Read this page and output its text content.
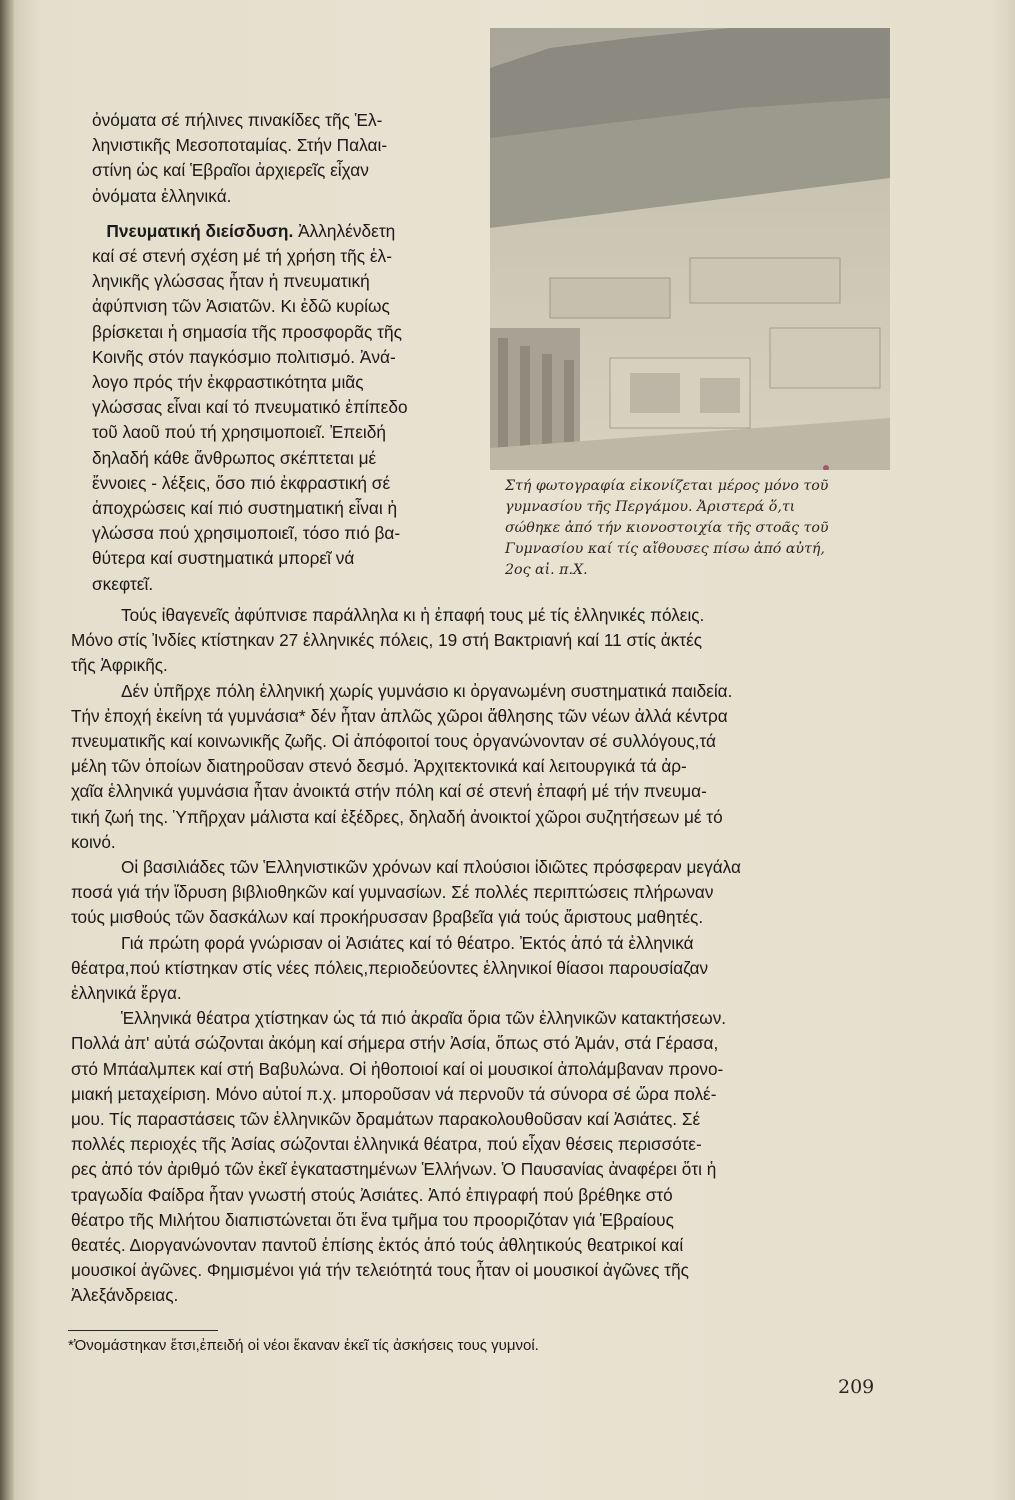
Στή φωτογραφία εἰκονίζεται μέρος μόνο τοῦ
γυμνασίου τῆς Περγάμου. Ἀριστερά ὅ,τι
σώθηκε ἀπό τήν κιονοστοιχία τῆς στοᾶς τοῦ
Γυμνασίου καί τίς αἴθουσες πίσω ἀπό αὐτή,
2ος αἰ. π.Χ.
ὀνόματα σέ πήλινες πινακίδες τῆς Ἑλ-
ληνιστικῆς Μεσοποταμίας. Στήν Παλαι-
στίνη ὡς καί Ἑβραῖοι ἀρχιερεῖς εἶχαν
ὀνόματα ἑλληνικά.
Πνευματική διείσδυση. Ἀλληλένδετη
καί σέ στενή σχέση μέ τή χρήση τῆς ἑλ-
ληνικῆς γλώσσας ἦταν ἡ πνευματική
ἀφύπνιση τῶν Ἀσιατῶν. Κι ἐδῶ κυρίως
βρίσκεται ἡ σημασία τῆς προσφορᾶς τῆς
Κοινῆς στόν παγκόσμιο πολιτισμό. Ἀνά-
λογο πρός τήν ἐκφραστικότητα μιᾶς
γλώσσας εἶναι καί τό πνευματικό ἐπίπεδο
τοῦ λαοῦ πού τή χρησιμοποιεῖ. Ἐπειδή
δηλαδή κάθε ἄνθρωπος σκέπτεται μέ
ἔννοιες - λέξεις, ὅσο πιό ἐκφραστική σέ
ἀποχρώσεις καί πιό συστηματική εἶναι ἡ
γλώσσα πού χρησιμοποιεῖ, τόσο πιό βα-
θύτερα καί συστηματικά μπορεῖ νά
σκεφτεῖ.
Τούς ἰθαγενεῖς ἀφύπνισε παράλληλα κι ἡ ἐπαφή τους μέ τίς ἑλληνικές πόλεις.
Μόνο στίς Ἰνδίες κτίστηκαν 27 ἑλληνικές πόλεις, 19 στή Βακτριανή καί 11 στίς ἀκτές
τῆς Ἀφρικῆς.
Δέν ὑπῆρχε πόλη ἑλληνική χωρίς γυμνάσιο κι ὀργανωμένη συστηματικά παιδεία.
Τήν ἐποχή ἐκείνη τά γυμνάσια* δέν ἦταν ἁπλῶς χῶροι ἄθλησης τῶν νέων ἀλλά κέντρα
πνευματικῆς καί κοινωνικῆς ζωῆς. Οἱ ἀπόφοιτοί τους ὀργανώνονταν σέ συλλόγους,τά
μέλη τῶν ὁποίων διατηροῦσαν στενό δεσμό. Ἀρχιτεκτονικά καί λειτουργικά τά ἀρ-
χαῖα ἑλληνικά γυμνάσια ἦταν ἀνοικτά στήν πόλη καί σέ στενή ἐπαφή μέ τήν πνευμα-
τική ζωή της. Ὑπῆρχαν μάλιστα καί ἐξέδρες, δηλαδή ἀνοικτοί χῶροι συζητήσεων μέ τό
κοινό.
Οἱ βασιλιάδες τῶν Ἑλληνιστικῶν χρόνων καί πλούσιοι ἰδιῶτες πρόσφεραν μεγάλα
ποσά γιά τήν ἵδρυση βιβλιοθηκῶν καί γυμνασίων. Σέ πολλές περιπτώσεις πλήρωναν
τούς μισθούς τῶν δασκάλων καί προκήρυσσαν βραβεῖα γιά τούς ἄριστους μαθητές.
Γιά πρώτη φορά γνώρισαν οἱ Ἀσιάτες καί τό θέατρο. Ἐκτός ἀπό τά ἑλληνικά
θέατρα,πού κτίστηκαν στίς νέες πόλεις,περιοδεύοντες ἑλληνικοί θίασοι παρουσίαζαν
ἑλληνικά ἔργα.
Ἑλληνικά θέατρα χτίστηκαν ὡς τά πιό ἀκραῖα ὅρια τῶν ἑλληνικῶν κατακτήσεων.
Πολλά ἀπ' αὐτά σώζονται ἀκόμη καί σήμερα στήν Ἀσία, ὅπως στό Ἀμάν, στά Γέρασα,
στό Μπάαλμπεκ καί στή Βαβυλώνα. Οἱ ἠθοποιοί καί οἱ μουσικοί ἀπολάμβαναν προνο-
μιακή μεταχείριση. Μόνο αὐτοί π.χ. μποροῦσαν νά περνοῦν τά σύνορα σέ ὥρα πολέ-
μου. Τίς παραστάσεις τῶν ἑλληνικῶν δραμάτων παρακολουθοῦσαν καί Ἀσιάτες. Σέ
πολλές περιοχές τῆς Ἀσίας σώζονται ἑλληνικά θέατρα, πού εἶχαν θέσεις περισσότε-
ρες ἀπό τόν ἀριθμό τῶν ἐκεῖ ἐγκαταστημένων Ἑλλήνων. Ὁ Παυσανίας ἀναφέρει ὅτι ἡ
τραγωδία Φαίδρα ἦταν γνωστή στούς Ἀσιάτες. Ἀπό ἐπιγραφή πού βρέθηκε στό
θέατρο τῆς Μιλήτου διαπιστώνεται ὅτι ἕνα τμῆμα του προοριζόταν γιά Ἑβραίους
θεατές. Διοργανώνονταν παντοῦ ἐπίσης ἐκτός ἀπό τούς ἀθλητικούς θεατρικοί καί
μουσικοί ἀγῶνες. Φημισμένοι γιά τήν τελειότητά τους ἦταν οἱ μουσικοί ἀγῶνες τῆς
Ἀλεξάνδρειας.
*Ὀνομάστηκαν ἔτσι,ἐπειδή οἱ νέοι ἔκαναν ἐκεῖ τίς ἀσκήσεις τους γυμνοί.
209
